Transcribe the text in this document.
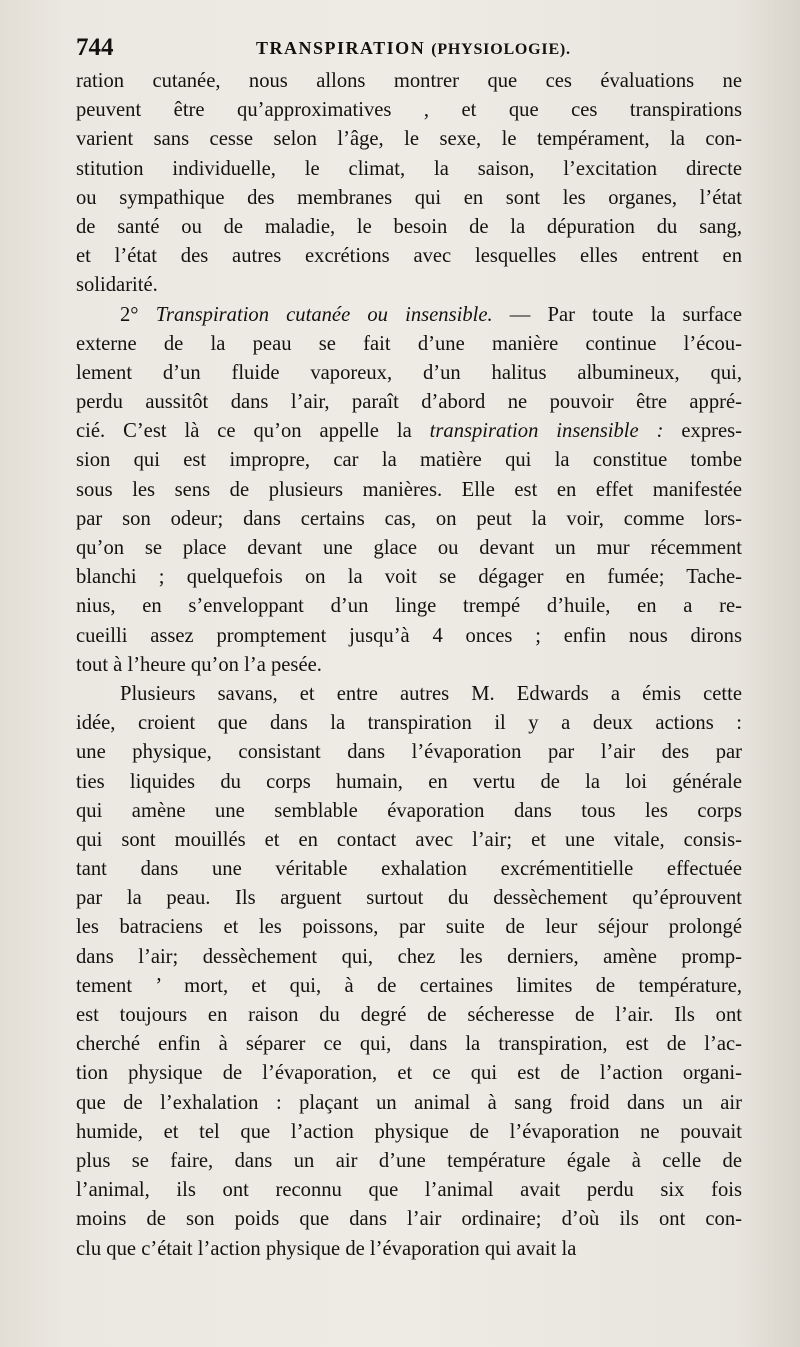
744	TRANSPIRATION (PHYSIOLOGIE).
ration cutanée, nous allons montrer que ces évaluations ne
peuvent être qu’approximatives , et que ces transpirations
varient sans cesse selon l’âge, le sexe, le tempérament, la con-
stitution individuelle, le climat, la saison, l’excitation directe
ou sympathique des membranes qui en sont les organes, l’état
de santé ou de maladie, le besoin de la dépuration du sang,
et l’état des autres excrétions avec lesquelles elles entrent en
solidarité.
2° Transpiration cutanée ou insensible. — Par toute la surface
externe de la peau se fait d’une manière continue l’écou-
lement d’un fluide vaporeux, d’un halitus albumineux, qui,
perdu aussitôt dans l’air, paraît d’abord ne pouvoir être appré-
cié. C’est là ce qu’on appelle la transpiration insensible : expres-
sion qui est impropre, car la matière qui la constitue tombe
sous les sens de plusieurs manières. Elle est en effet manifestée
par son odeur; dans certains cas, on peut la voir, comme lors-
qu’on se place devant une glace ou devant un mur récemment
blanchi ; quelquefois on la voit se dégager en fumée; Tache-
nius, en s’enveloppant d’un linge trempé d’huile, en a re-
cueilli assez promptement jusqu’à 4 onces ; enfin nous dirons
tout à l’heure qu’on l’a pesée.
Plusieurs savans, et entre autres M. Edwards a émis cette
idée, croient que dans la transpiration il y a deux actions :
une physique, consistant dans l’évaporation par l’air des par
ties liquides du corps humain, en vertu de la loi générale
qui amène une semblable évaporation dans tous les corps
qui sont mouillés et en contact avec l’air; et une vitale, consis-
tant dans une véritable exhalation excrémentitielle effectuée
par la peau. Ils arguent surtout du dessèchement qu’éprouvent
les batraciens et les poissons, par suite de leur séjour prolongé
dans l’air; dessèchement qui, chez les derniers, amène promp-
tement ’ mort, et qui, à de certaines limites de température,
est toujours en raison du degré de sécheresse de l’air. Ils ont
cherché enfin à séparer ce qui, dans la transpiration, est de l’ac-
tion physique de l’évaporation, et ce qui est de l’action organi-
que de l’exhalation : plaçant un animal à sang froid dans un air
humide, et tel que l’action physique de l’évaporation ne pouvait
plus se faire, dans un air d’une température égale à celle de
l’animal, ils ont reconnu que l’animal avait perdu six fois
moins de son poids que dans l’air ordinaire; d’où ils ont con-
clu que c’était l’action physique de l’évaporation qui avait la
